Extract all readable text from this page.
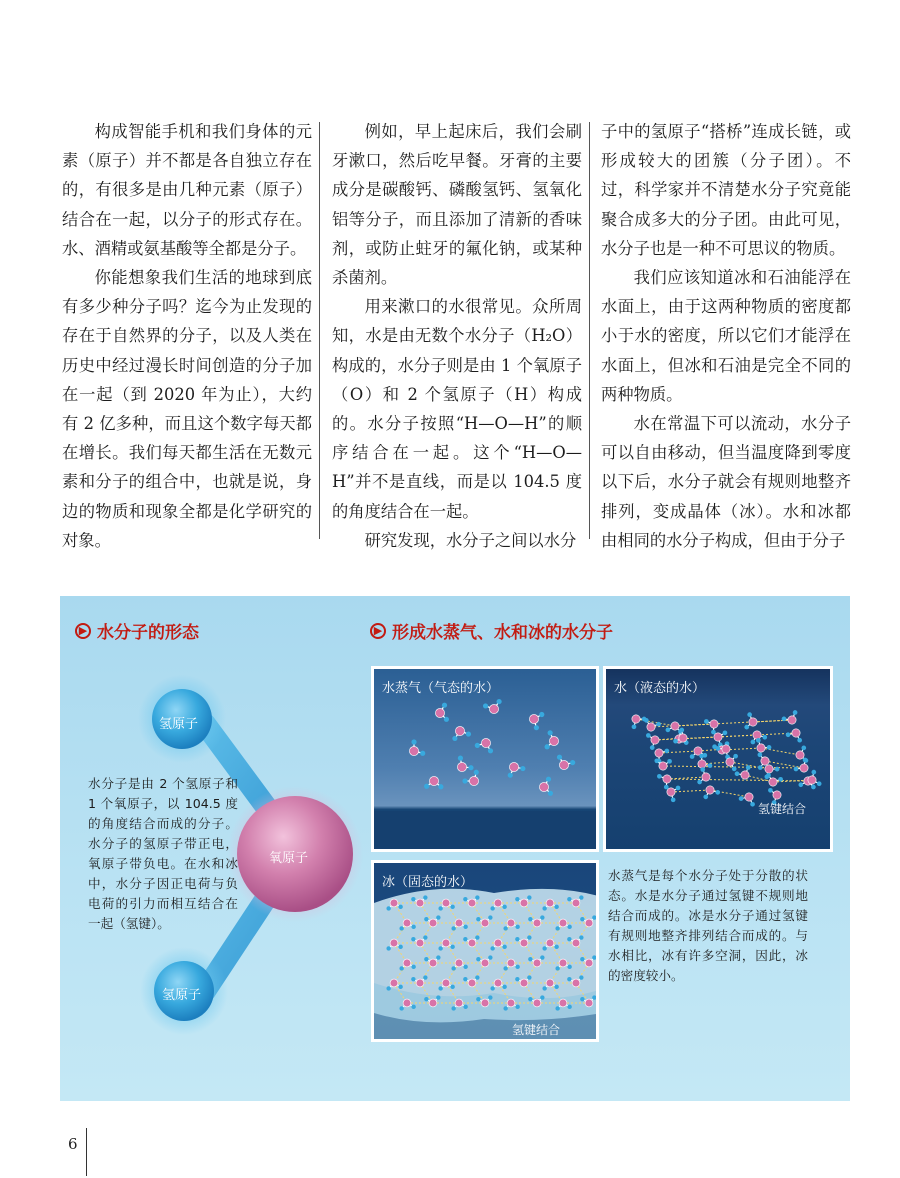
构成智能手机和我们身体的元素（原子）并不都是各自独立存在的，有很多是由几种元素（原子）结合在一起，以分子的形式存在。水、酒精或氨基酸等全都是分子。

你能想象我们生活的地球到底有多少种分子吗？迄今为止发现的存在于自然界的分子，以及人类在历史中经过漫长时间创造的分子加在一起（到 2020 年为止），大约有 2 亿多种，而且这个数字每天都在增长。我们每天都生活在无数元素和分子的组合中，也就是说，身边的物质和现象全都是化学研究的对象。

例如，早上起床后，我们会刷牙漱口，然后吃早餐。牙膏的主要成分是碳酸钙、磷酸氢钙、氢氧化铝等分子，而且添加了清新的香味剂，或防止蛀牙的氟化钠，或某种杀菌剂。

用来漱口的水很常见。众所周知，水是由无数个水分子（H₂O）构成的，水分子则是由 1 个氧原子（O）和 2 个氢原子（H）构成的。水分子按照“H—O—H”的顺序结合在一起。这个“H—O—H”并不是直线，而是以 104.5 度的角度结合在一起。

研究发现，水分子之间以水分

子中的氢原子“搭桥”连成长链，或形成较大的团簇（分子团）。不过，科学家并不清楚水分子究竟能聚合成多大的分子团。由此可见，水分子也是一种不可思议的物质。

我们应该知道冰和石油能浮在水面上，由于这两种物质的密度都小于水的密度，所以它们才能浮在水面上，但冰和石油是完全不同的两种物质。

水在常温下可以流动，水分子可以自由移动，但当温度降到零度以下后，水分子就会有规则地整齐排列，变成晶体（冰）。水和冰都由相同的水分子构成，但由于分子

▶ 水分子的形态	▶ 形成水蒸气、水和冰的水分子
氢原子
氧原子
氢原子

水分子是由 2 个氢原子和 1 个氧原子，以 104.5 度的角度结合而成的分子。水分子的氢原子带正电，氧原子带负电。在水和冰中，水分子因正电荷与负电荷的引力而相互结合在一起（氢键）。

水蒸气（气态的水）	水（液态的水）
氢键结合
冰（固态的水）
氢键结合

水蒸气是每个水分子处于分散的状态。水是水分子通过氢键不规则地结合而成的。冰是水分子通过氢键有规则地整齐排列结合而成的。与水相比，冰有许多空洞，因此，冰的密度较小。

6
